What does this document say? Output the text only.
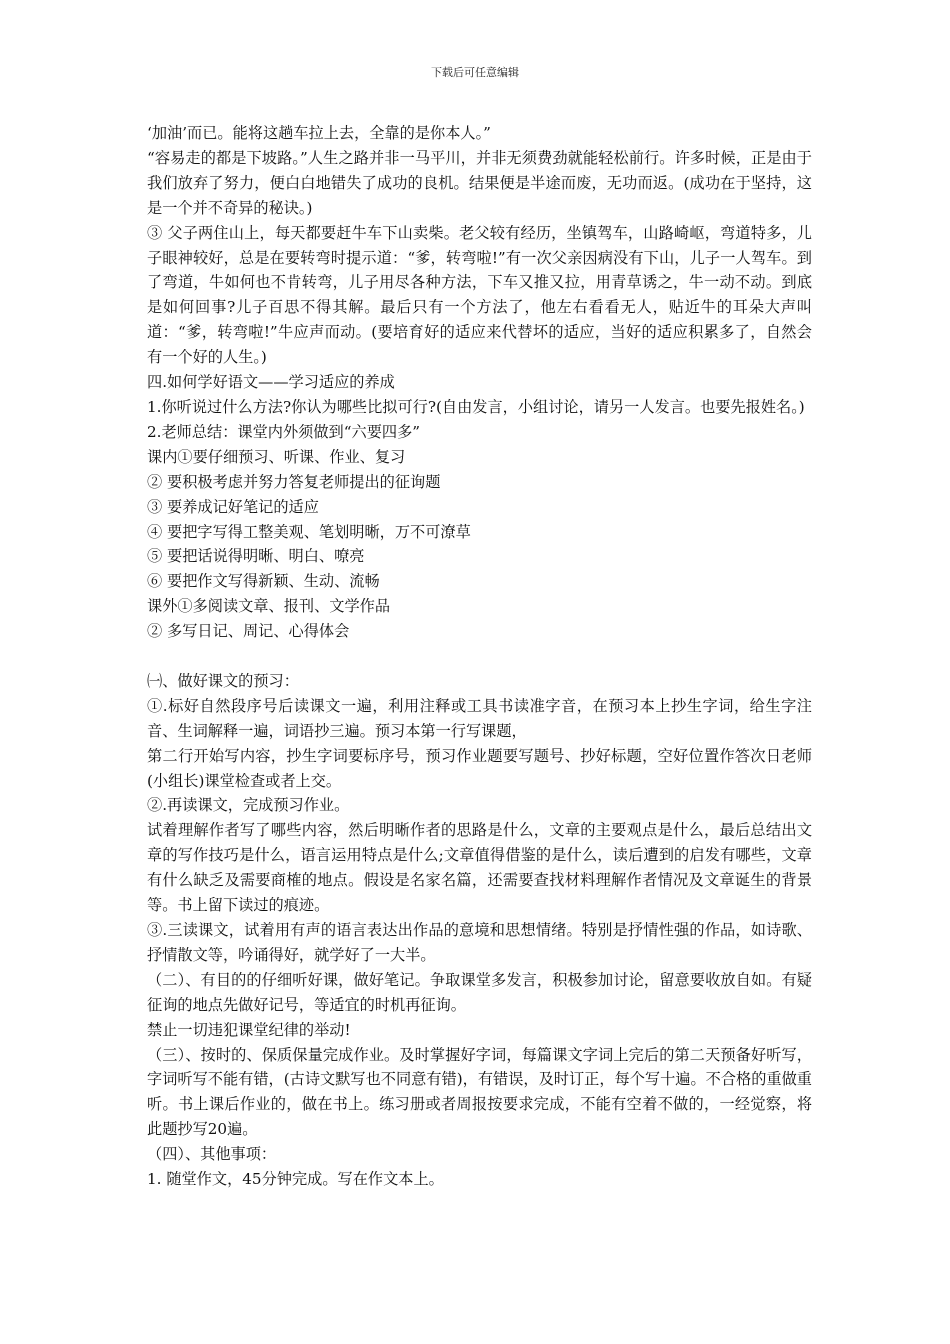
下载后可任意编辑

‘加油’而已。能将这趟车拉上去，全靠的是你本人。”

“容易走的都是下坡路。”人生之路并非一马平川，并非无须费劲就能轻松前行。许多时候，正是由于我们放弃了努力，便白白地错失了成功的良机。结果便是半途而废，无功而返。(成功在于坚持，这是一个并不奇异的秘诀。)

③ 父子两住山上，每天都要赶牛车下山卖柴。老父较有经历，坐镇驾车，山路崎岖，弯道特多，儿子眼神较好，总是在要转弯时提示道：“爹，转弯啦!”有一次父亲因病没有下山，儿子一人驾车。到了弯道，牛如何也不肯转弯，儿子用尽各种方法，下车又推又拉，用青草诱之，牛一动不动。到底是如何回事?儿子百思不得其解。最后只有一个方法了，他左右看看无人，贴近牛的耳朵大声叫道：“爹，转弯啦!”牛应声而动。(要培育好的适应来代替坏的适应，当好的适应积累多了，自然会有一个好的人生。)

四.如何学好语文——学习适应的养成

1.你听说过什么方法?你认为哪些比拟可行?(自由发言，小组讨论，请另一人发言。也要先报姓名。)

2.老师总结：课堂内外须做到“六要四多”

课内①要仔细预习、听课、作业、复习

② 要积极考虑并努力答复老师提出的征询题

③ 要养成记好笔记的适应

④ 要把字写得工整美观、笔划明晰，万不可潦草

⑤ 要把话说得明晰、明白、嘹亮

⑥ 要把作文写得新颖、生动、流畅

课外①多阅读文章、报刊、文学作品

② 多写日记、周记、心得体会

㈠、做好课文的预习：

①.标好自然段序号后读课文一遍，利用注释或工具书读准字音，在预习本上抄生字词，给生字注音、生词解释一遍，词语抄三遍。预习本第一行写课题，

第二行开始写内容，抄生字词要标序号，预习作业题要写题号、抄好标题，空好位置作答次日老师(小组长)课堂检查或者上交。

②.再读课文，完成预习作业。

试着理解作者写了哪些内容，然后明晰作者的思路是什么，文章的主要观点是什么，最后总结出文章的写作技巧是什么，语言运用特点是什么;文章值得借鉴的是什么，读后遭到的启发有哪些，文章有什么缺乏及需要商榷的地点。假设是名家名篇，还需要查找材料理解作者情况及文章诞生的背景等。书上留下读过的痕迹。

③.三读课文，试着用有声的语言表达出作品的意境和思想情绪。特别是抒情性强的作品，如诗歌、抒情散文等，吟诵得好，就学好了一大半。

（二）、有目的的仔细听好课，做好笔记。争取课堂多发言，积极参加讨论，留意要收放自如。有疑征询的地点先做好记号，等适宜的时机再征询。

禁止一切违犯课堂纪律的举动!

（三）、按时的、保质保量完成作业。及时掌握好字词，每篇课文字词上完后的第二天预备好听写，字词听写不能有错，(古诗文默写也不同意有错)，有错误，及时订正，每个写十遍。不合格的重做重听。书上课后作业的，做在书上。练习册或者周报按要求完成，不能有空着不做的，一经觉察，将此题抄写20遍。

（四）、其他事项：

1. 随堂作文，45分钟完成。写在作文本上。
